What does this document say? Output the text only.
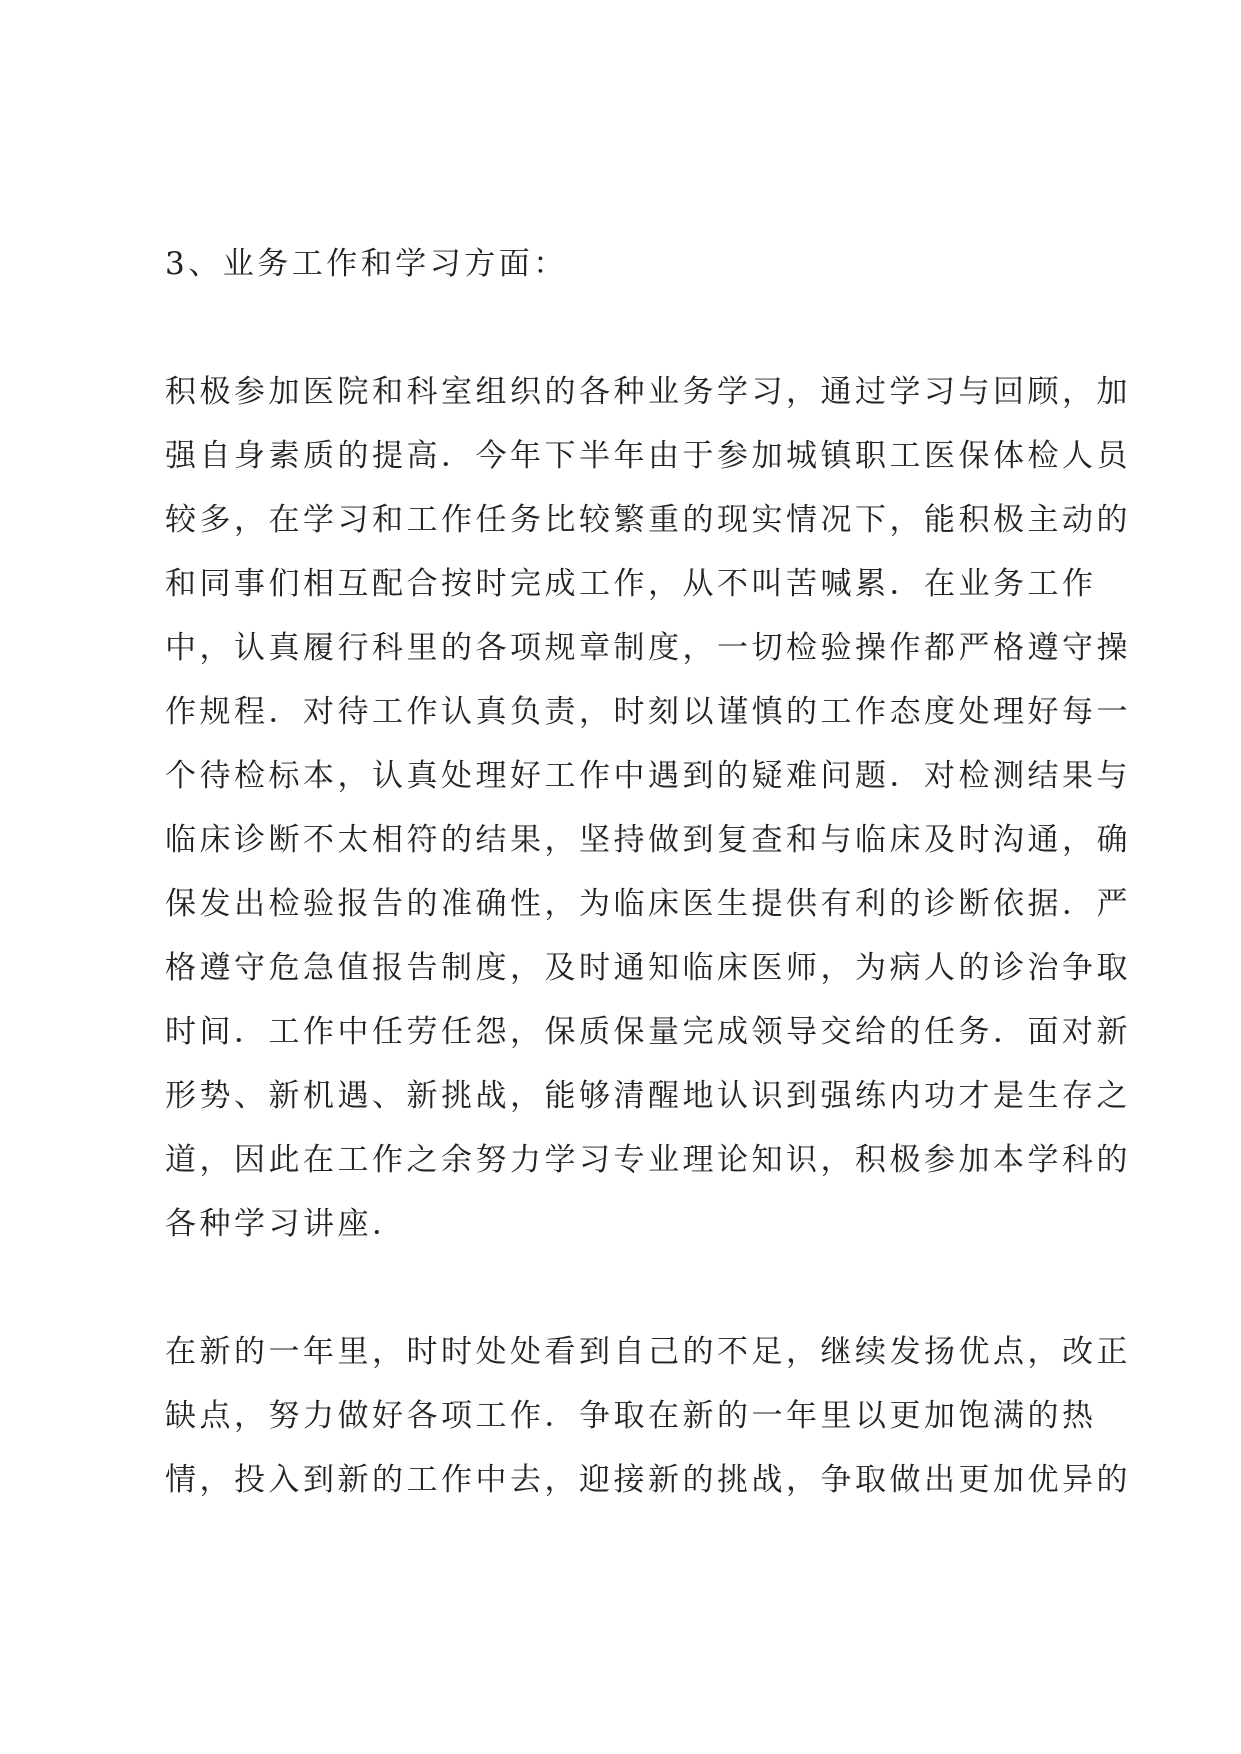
3、业务工作和学习方面：
积极参加医院和科室组织的各种业务学习，通过学习与回顾，加
强自身素质的提高．今年下半年由于参加城镇职工医保体检人员
较多，在学习和工作任务比较繁重的现实情况下，能积极主动的
和同事们相互配合按时完成工作，从不叫苦喊累．在业务工作
中，认真履行科里的各项规章制度，一切检验操作都严格遵守操
作规程．对待工作认真负责，时刻以谨慎的工作态度处理好每一
个待检标本，认真处理好工作中遇到的疑难问题．对检测结果与
临床诊断不太相符的结果，坚持做到复查和与临床及时沟通，确
保发出检验报告的准确性，为临床医生提供有利的诊断依据．严
格遵守危急值报告制度，及时通知临床医师，为病人的诊治争取
时间．工作中任劳任怨，保质保量完成领导交给的任务．面对新
形势、新机遇、新挑战，能够清醒地认识到强练内功才是生存之
道，因此在工作之余努力学习专业理论知识，积极参加本学科的
各种学习讲座．
在新的一年里，时时处处看到自己的不足，继续发扬优点，改正
缺点，努力做好各项工作．争取在新的一年里以更加饱满的热
情，投入到新的工作中去，迎接新的挑战，争取做出更加优异的
